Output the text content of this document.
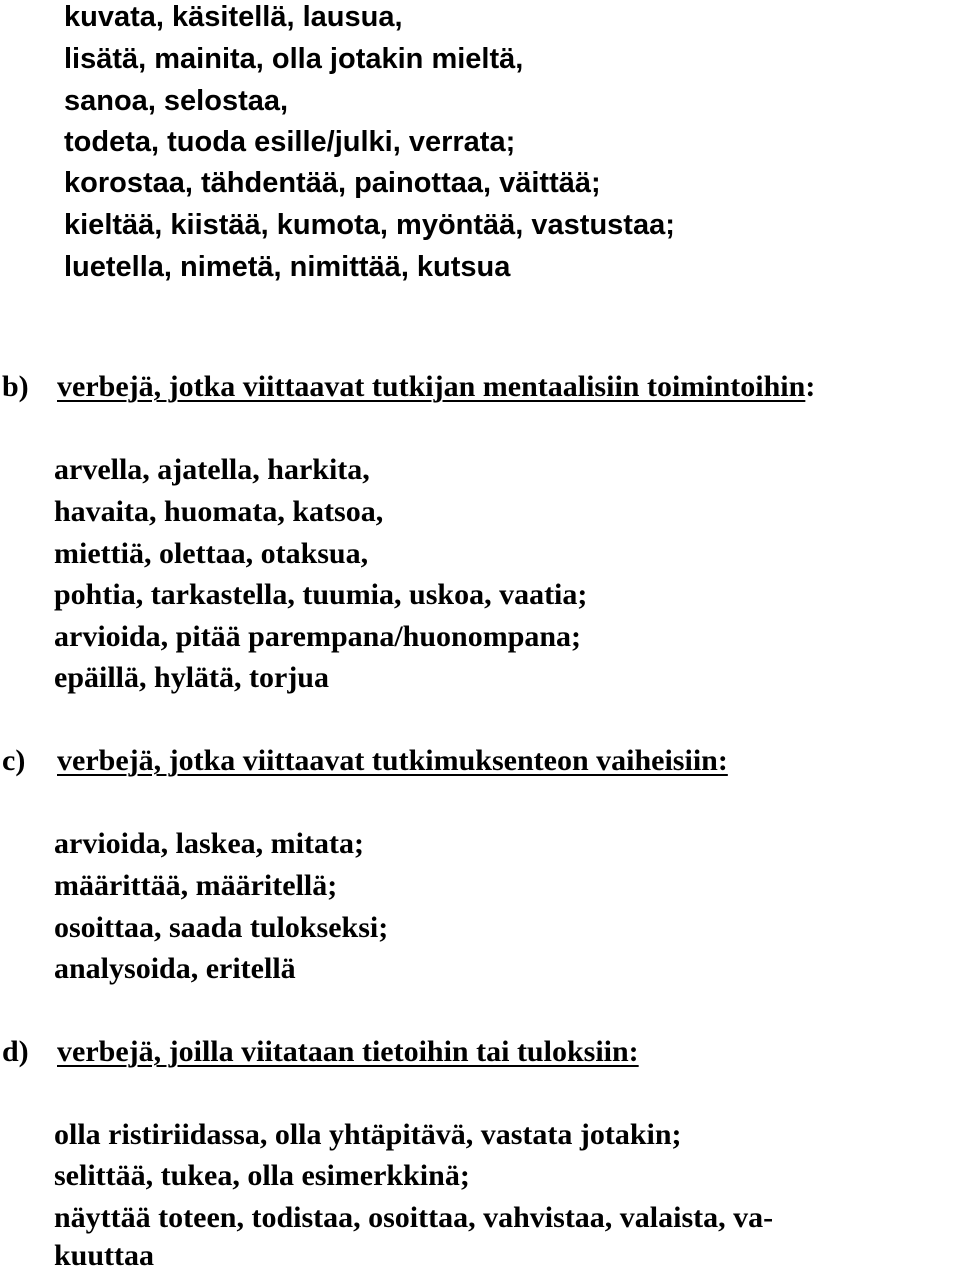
kuvata, käsitellä, lausua,
lisätä, mainita, olla jotakin mieltä,
sanoa, selostaa,
todeta, tuoda esille/julki, verrata;
korostaa, tähdentää, painottaa, väittää;
kieltää, kiistää, kumota, myöntää, vastustaa;
luetella, nimetä, nimittää, kutsua
b) verbejä, jotka viittaavat tutkijan mentaalisiin toimintoihin:
arvella, ajatella, harkita,
havaita, huomata, katsoa,
miettiä, olettaa, otaksua,
pohtia, tarkastella, tuumia, uskoa, vaatia;
arvioida, pitää parempana/huonompana;
epäillä, hylätä, torjua
c) verbejä, jotka viittaavat tutkimuksenteon vaiheisiin:
arvioida, laskea, mitata;
määrittää, määritellä;
osoittaa, saada tulokseksi;
analysoida, eritellä
d) verbejä, joilla viitataan tietoihin tai tuloksiin:
olla ristiriidassa, olla yhtäpitävä, vastata jotakin;
selittää, tukea, olla esimerkkinä;
näyttää toteen, todistaa, osoittaa, vahvistaa, valaista, va-
kuuttaa
